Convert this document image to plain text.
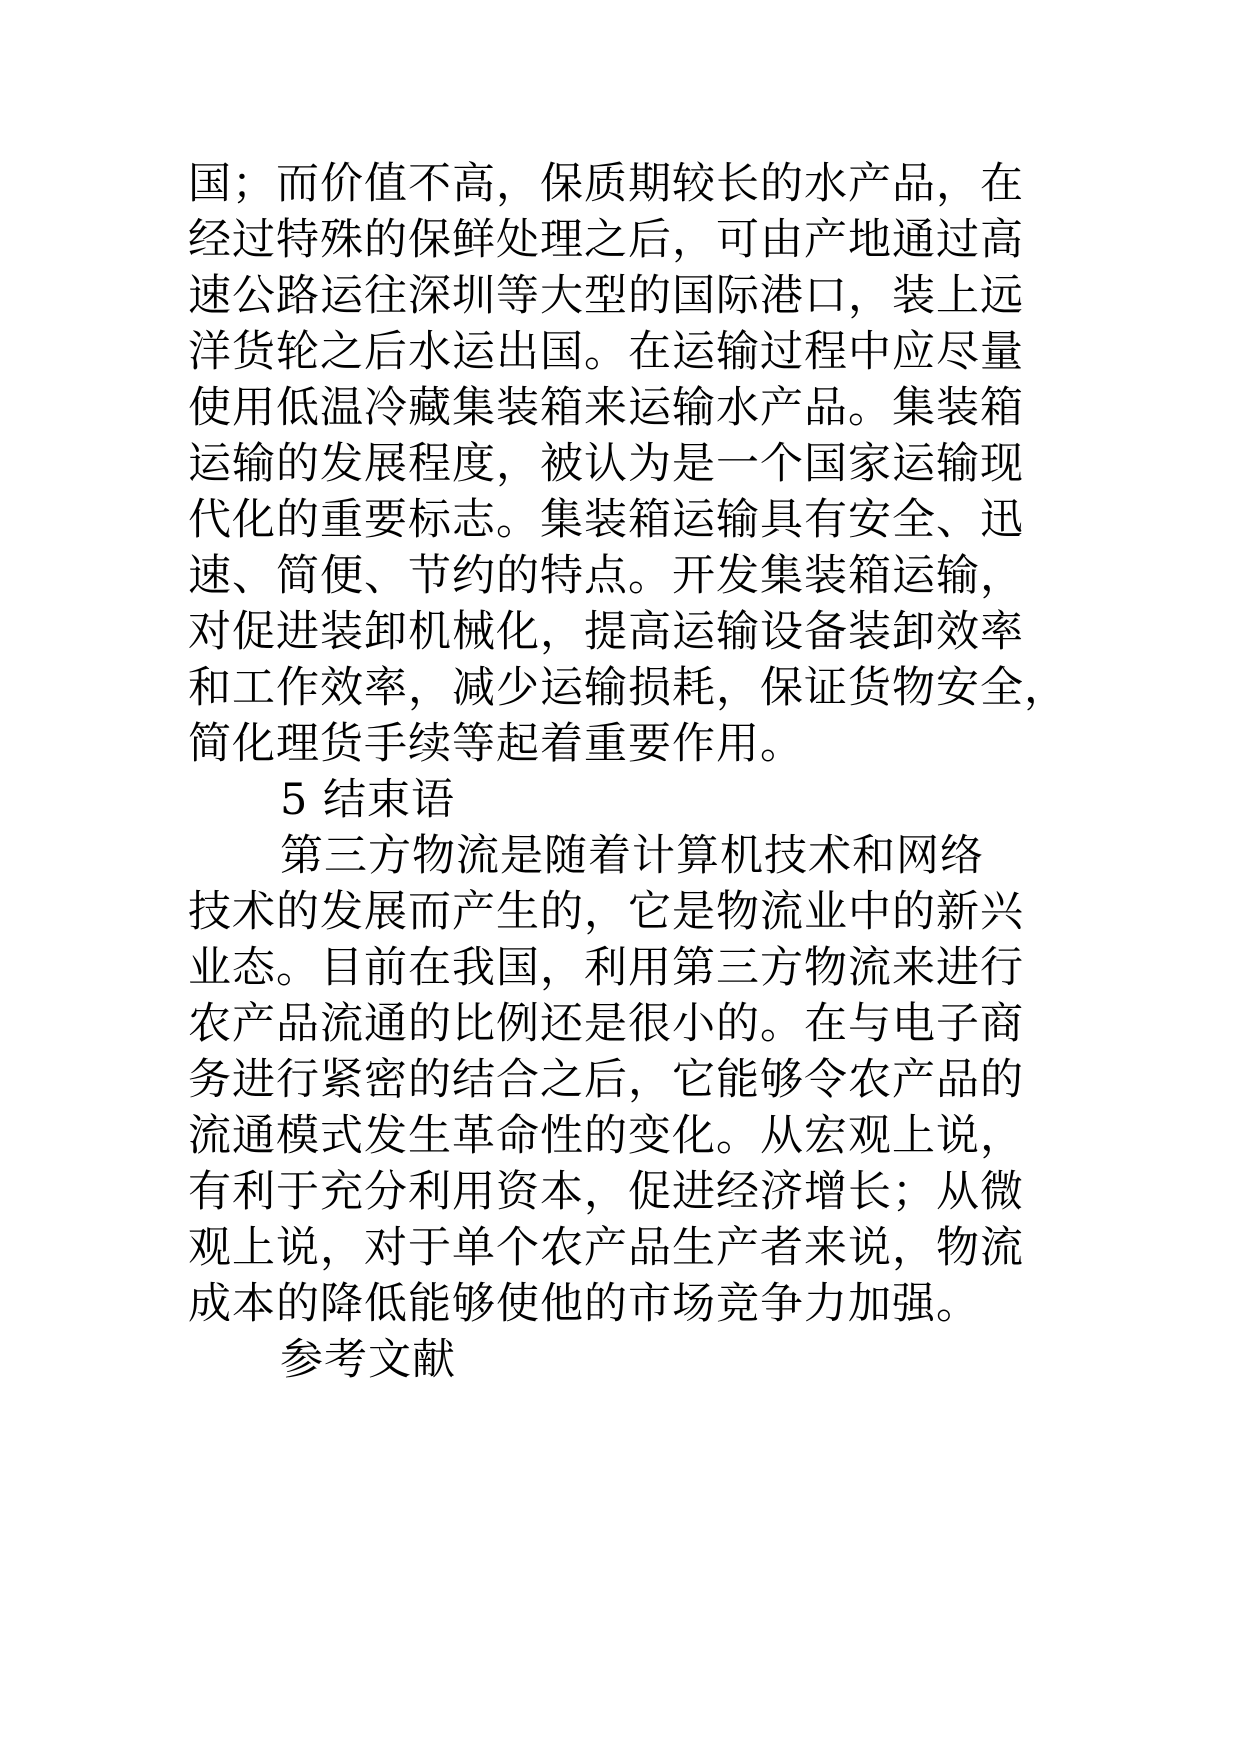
国；而价值不高，保质期较长的水产品，在

经过特殊的保鲜处理之后，可由产地通过高

速公路运往深圳等大型的国际港口，装上远

洋货轮之后水运出国。在运输过程中应尽量

使用低温冷藏集装箱来运输水产品。集装箱

运输的发展程度，被认为是一个国家运输现

代化的重要标志。集装箱运输具有安全、迅

速、简便、节约的特点。开发集装箱运输，

对促进装卸机械化，提高运输设备装卸效率

和工作效率，减少运输损耗，保证货物安全，

简化理货手续等起着重要作用。

5 结束语

第三方物流是随着计算机技术和网络

技术的发展而产生的，它是物流业中的新兴

业态。目前在我国，利用第三方物流来进行

农产品流通的比例还是很小的。在与电子商

务进行紧密的结合之后，它能够令农产品的

流通模式发生革命性的变化。从宏观上说，

有利于充分利用资本，促进经济增长；从微

观上说，对于单个农产品生产者来说，物流

成本的降低能够使他的市场竞争力加强。

参考文献
